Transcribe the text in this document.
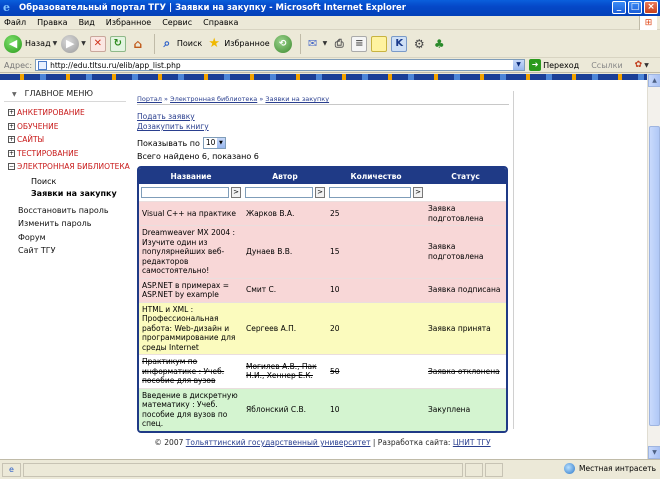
e	Образовательный портал ТГУ | Заявки на закупку - Microsoft Internet Explorer	_	□ ×
Файл Правка Вид Избранное Сервис Справка	⊞
◀ Назад ▼ ▶	▼ ✕	↻ ⌂	⌕ Поиск ★ Избранное	⟲	✉ ▼ ⎙	≡	K ⚙ ♣
Адрес: http://edu.tltsu.ru/elib/app_list.php	▼	➜ Переход Ссылки ✿ ▼
▼ ГЛАВНОЕ МЕНЮ
+ АНКЕТИРОВАНИЕ
+ ОБУЧЕНИЕ
+ САЙТЫ
+ ТЕСТИРОВАНИЕ
− ЭЛЕКТРОННАЯ БИБЛИОТЕКА
Поиск
Заявки на закупку
Восстановить пароль
Изменить пароль
Форум
Сайт ТГУ
Портал » Электронная библиотека » Заявки на закупку
Подать заявку
Дозакупить книгу
Показывать по 10 ▼
Всего найдено 6, показано 6
Название	Автор	Количество	Статус

>	>	>	

Visual C++ на практике	Жарков В.А.	25	Заявка подготовлена
Dreamweaver MX 2004 : Изучите один из популярнейших веб-редакторов самостоятельно!	Дунаев В.В.	15	Заявка подготовлена
ASP.NET в примерах = ASP.NET by example	Смит С.	10	Заявка подписана
HTML и XML : Профессиональная работа: Web-дизайн и программирование для среды Internet	Сергеев А.П.	20	Заявка принята
Практикум по информатике : Учеб. пособие для вузов	Могилев А.В., Пак Н.И., Хеннер Е.К.	50	Заявка отклонена
Введение в дискретную математику : Учеб. пособие для вузов по спец.	Яблонский С.В.	10	Закуплена
© 2007 Тольяттинский государственный университет | Разработка сайта: ЦНИТ ТГУ
▲
▼
e	Местная интрасеть
